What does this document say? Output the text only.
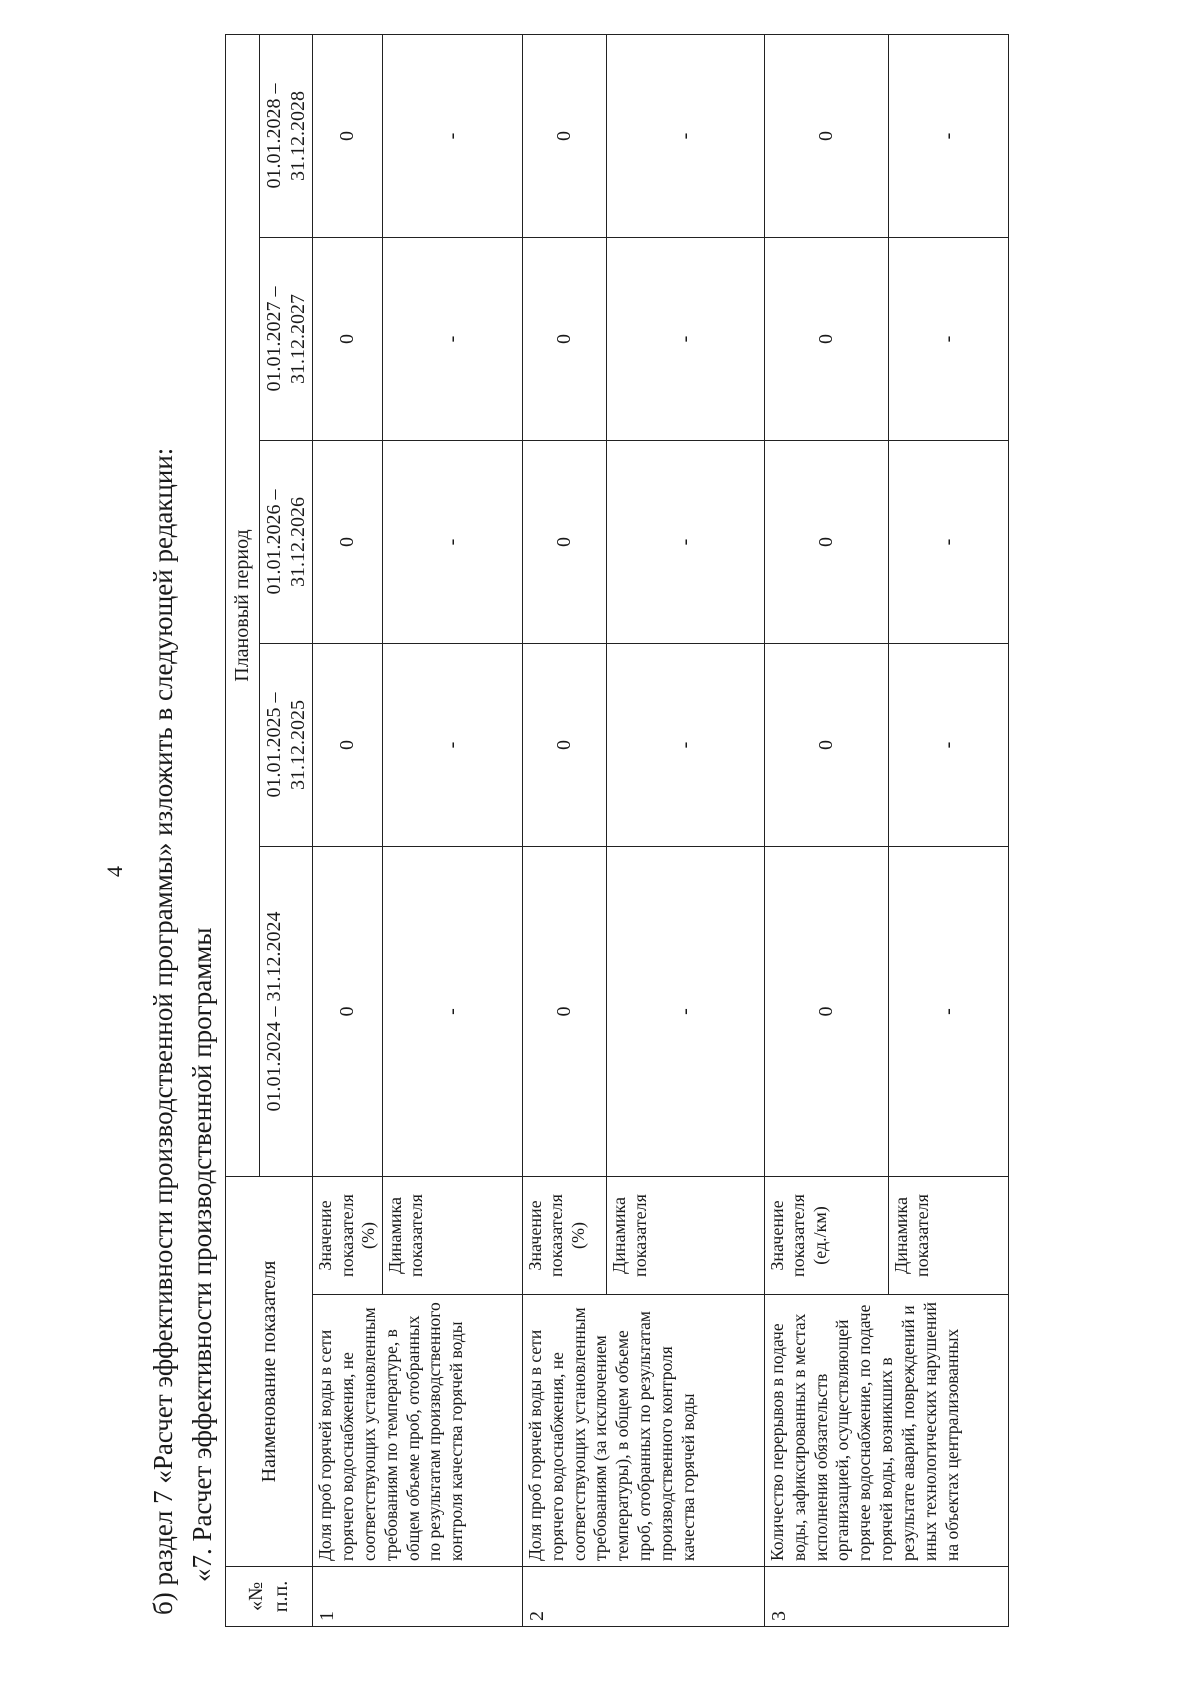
4 б) раздел 7 «Расчет эффективности производственной программы» изложить в следующей редакции: «7. Расчет эффективности производственной программы
«№ п.п.	Наименование показателя		Плановый период				
			01.01.2024 – 31.12.2024	01.01.2025 – 31.12.2025	01.01.2026 – 31.12.2026	01.01.2027 – 31.12.2027	01.01.2028 – 31.12.2028
1	Доля проб горячей воды в сети горячего водоснабжения, не соответствующих установленным требованиям по температуре, в общем объеме проб, отобранных по результатам производственного контроля качества горячей воды	Значение показателя (%)	0	0	0	0	0
		Динамика показателя	-	-	-	-	-
2	Доля проб горячей воды в сети горячего водоснабжения, не соответствующих установленным требованиям (за исключением температуры), в общем объеме проб, отобранных по результатам производственного контроля качества горячей воды	Значение показателя (%)	0	0	0	0	0
		Динамика показателя	-	-	-	-	-
3	Количество перерывов в подаче воды, зафиксированных в местах исполнения обязательств организацией, осуществляющей горячее водоснабжение, по подаче горячей воды, возникших в результате аварий, повреждений и иных технологических нарушений на объектах централизованных	Значение показателя (ед./км)	0	0	0	0	0
		Динамика показателя	-	-	-	-	-
